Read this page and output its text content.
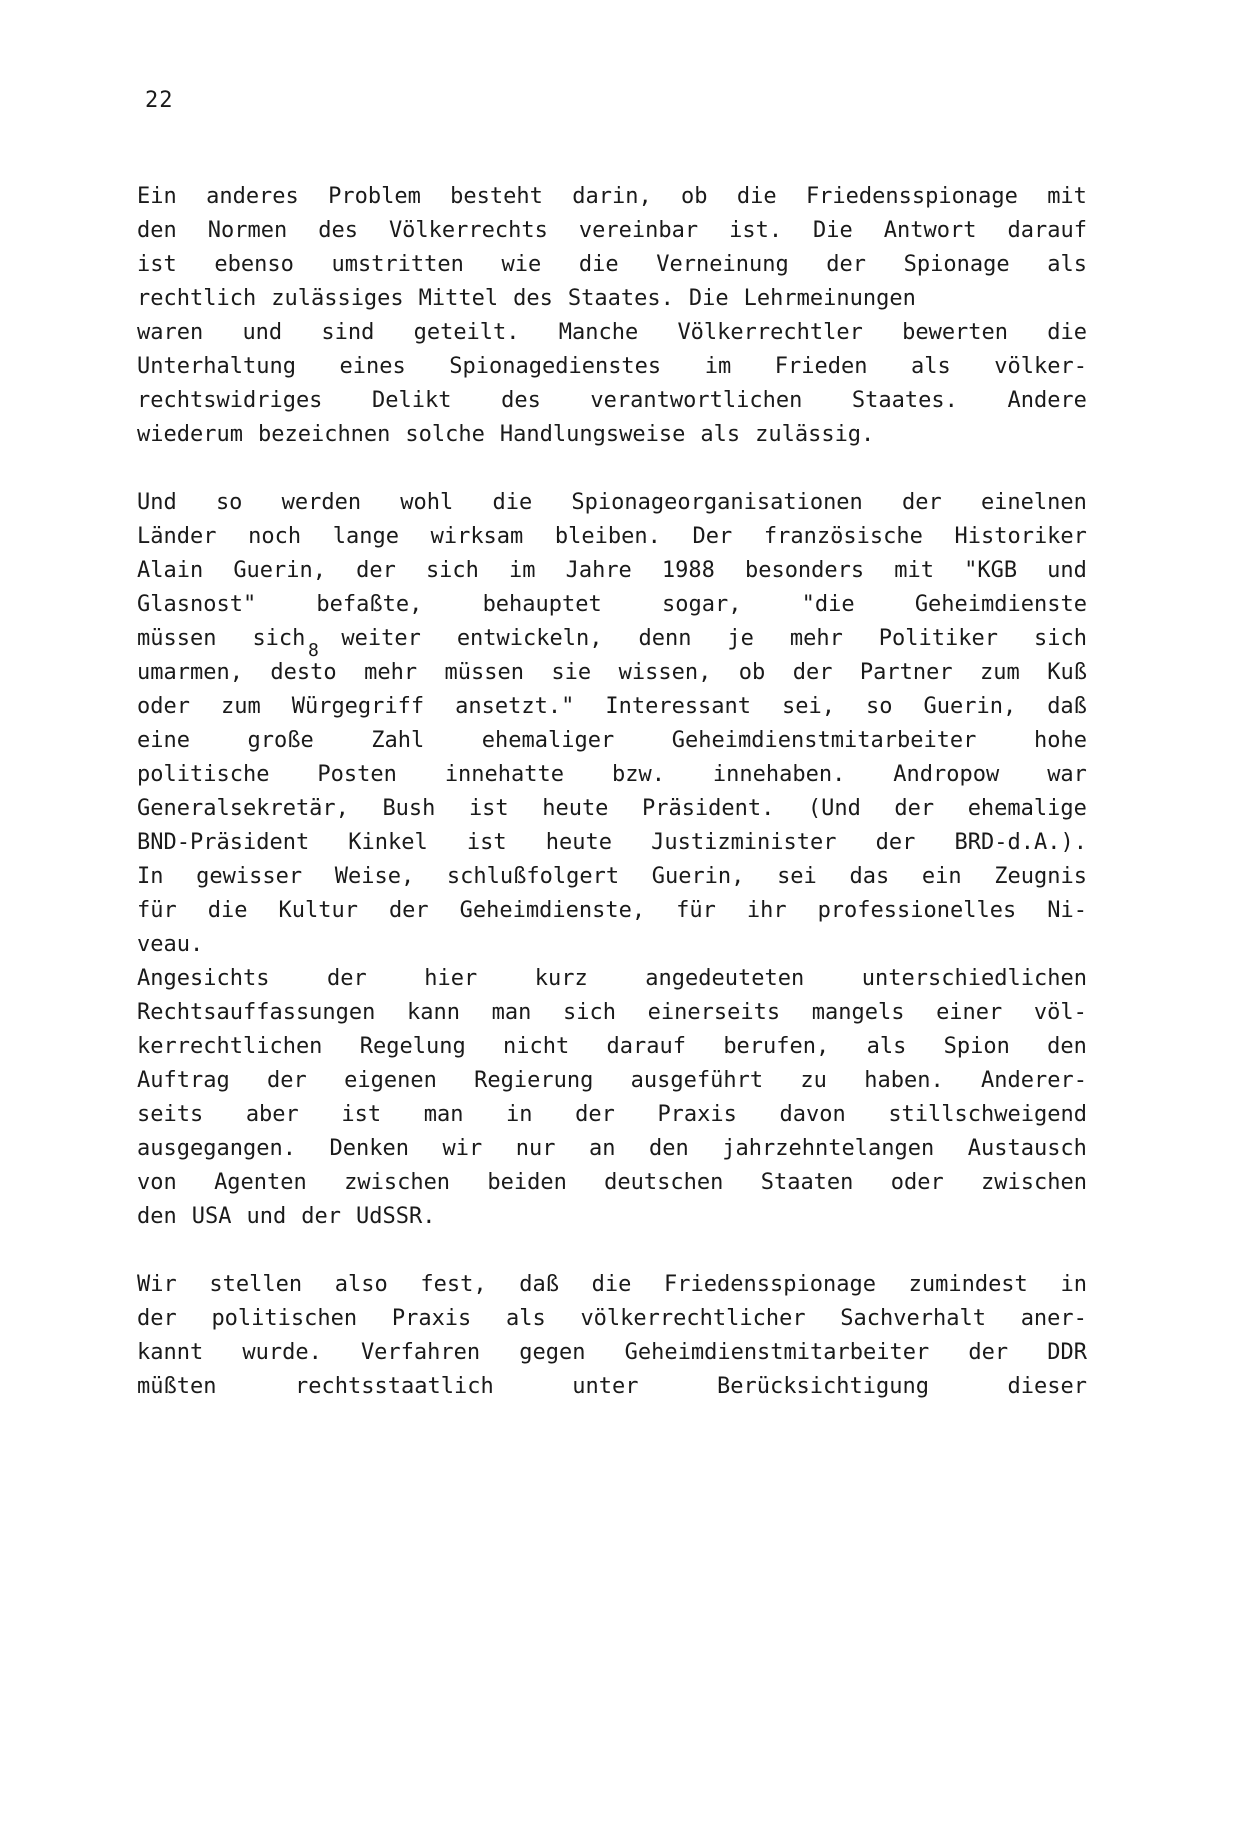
22
8
Ein anderes Problem besteht darin, ob die Friedensspionage mit
den Normen des Völkerrechts vereinbar ist. Die Antwort darauf
ist ebenso umstritten wie die Verneinung der Spionage als
rechtlich zulässiges Mittel des Staates. Die Lehrmeinungen
waren und sind geteilt. Manche Völkerrechtler bewerten die
Unterhaltung eines Spionagedienstes im Frieden als völker-
rechtswidriges Delikt des verantwortlichen Staates. Andere
wiederum bezeichnen solche Handlungsweise als zulässig.
Und so werden wohl die Spionageorganisationen der einelnen
Länder noch lange wirksam bleiben. Der französische Historiker
Alain Guerin, der sich im Jahre 1988 besonders mit "KGB und
Glasnost"	befaßte,	behauptet	sogar,	"die	Geheimdienste
müssen sich weiter entwickeln, denn je mehr Politiker sich
umarmen, desto mehr müssen sie wissen, ob der Partner zum Kuß
oder zum Würgegriff ansetzt." Interessant sei, so Guerin, daß
eine	große	Zahl	ehemaliger	Geheimdienstmitarbeiter	hohe
politische Posten innehatte bzw. innehaben. Andropow war
Generalsekretär, Bush ist heute Präsident. (Und der ehemalige
BND-Präsident Kinkel ist heute Justizminister der BRD-d.A.).
In gewisser Weise, schlußfolgert Guerin, sei das ein Zeugnis
für die Kultur der Geheimdienste, für ihr professionelles Ni-
veau.
Angesichts	der	hier	kurz	angedeuteten	unterschiedlichen
Rechtsauffassungen kann man sich einerseits mangels einer völ-
kerrechtlichen Regelung nicht darauf berufen, als Spion den
Auftrag der eigenen Regierung ausgeführt zu haben. Anderer-
seits aber ist man in der Praxis davon stillschweigend
ausgegangen. Denken wir nur an den jahrzehntelangen Austausch
von Agenten zwischen beiden deutschen Staaten oder zwischen
den USA und der UdSSR.
Wir stellen also fest, daß die Friedensspionage zumindest in
der politischen Praxis als völkerrechtlicher Sachverhalt aner-
kannt wurde. Verfahren gegen Geheimdienstmitarbeiter der DDR
müßten	rechtsstaatlich	unter	Berücksichtigung	dieser
